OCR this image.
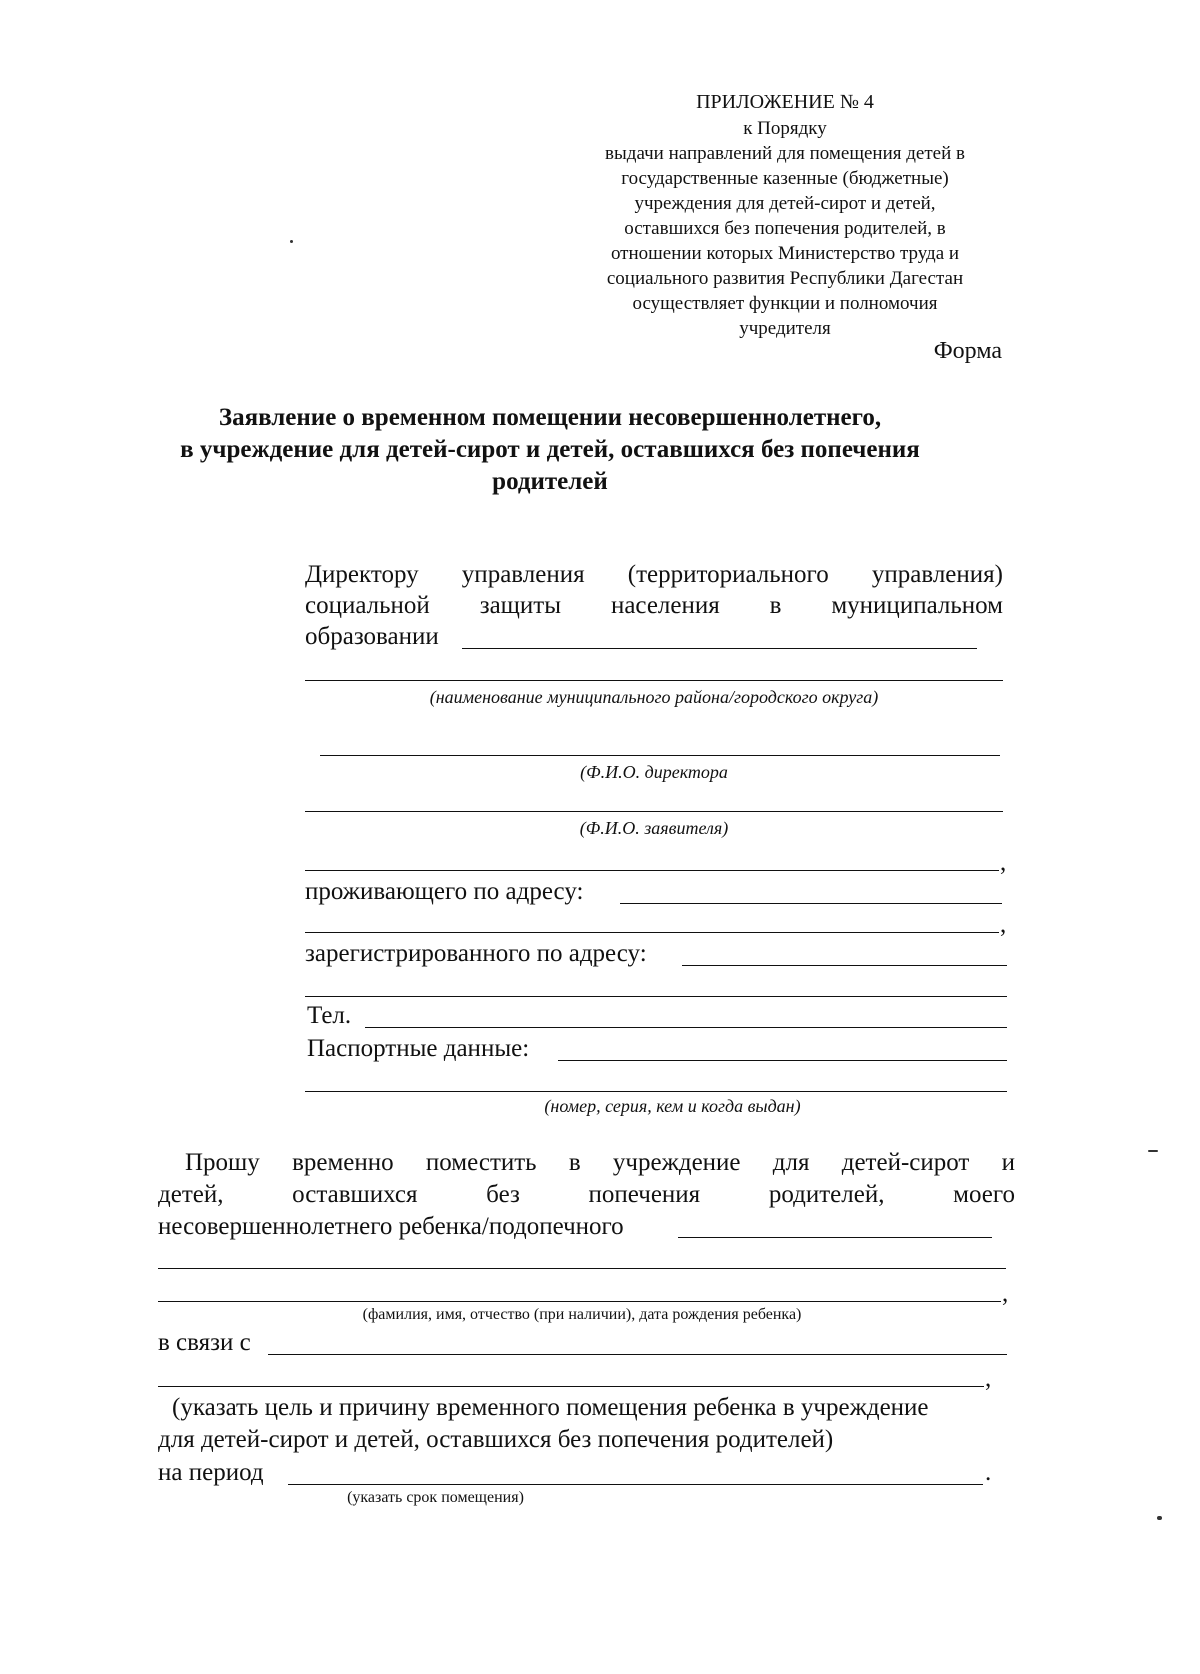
ПРИЛОЖЕНИЕ № 4
к Порядку
выдачи направлений для помещения детей в
государственные казенные (бюджетные)
учреждения для детей-сирот и детей,
оставшихся без попечения родителей, в
отношении которых Министерство труда и
социального развития Республики Дагестан
осуществляет функции и полномочия
учредителя
Форма
Заявление о временном помещении несовершеннолетнего,
в учреждение для детей-сирот и детей, оставшихся без попечения
родителей
Директору управления (территориального управления)
социальной защиты населения в муниципальном
образовании
(наименование муниципального района/городского округа)
(Ф.И.О. директора
(Ф.И.О. заявителя)
,
проживающего по адресу:
,
зарегистрированного по адресу:
Тел.
Паспортные данные:
(номер, серия, кем и когда выдан)
Прошу временно поместить в учреждение для детей-сирот и
детей, оставшихся без попечения родителей, моего
несовершеннолетнего ребенка/подопечного
,
(фамилия, имя, отчество (при наличии), дата рождения ребенка)
в связи с
,
(указать цель и причину временного помещения ребенка в учреждение
для детей-сирот и детей, оставшихся без попечения родителей)
на период	.
(указать срок помещения)
